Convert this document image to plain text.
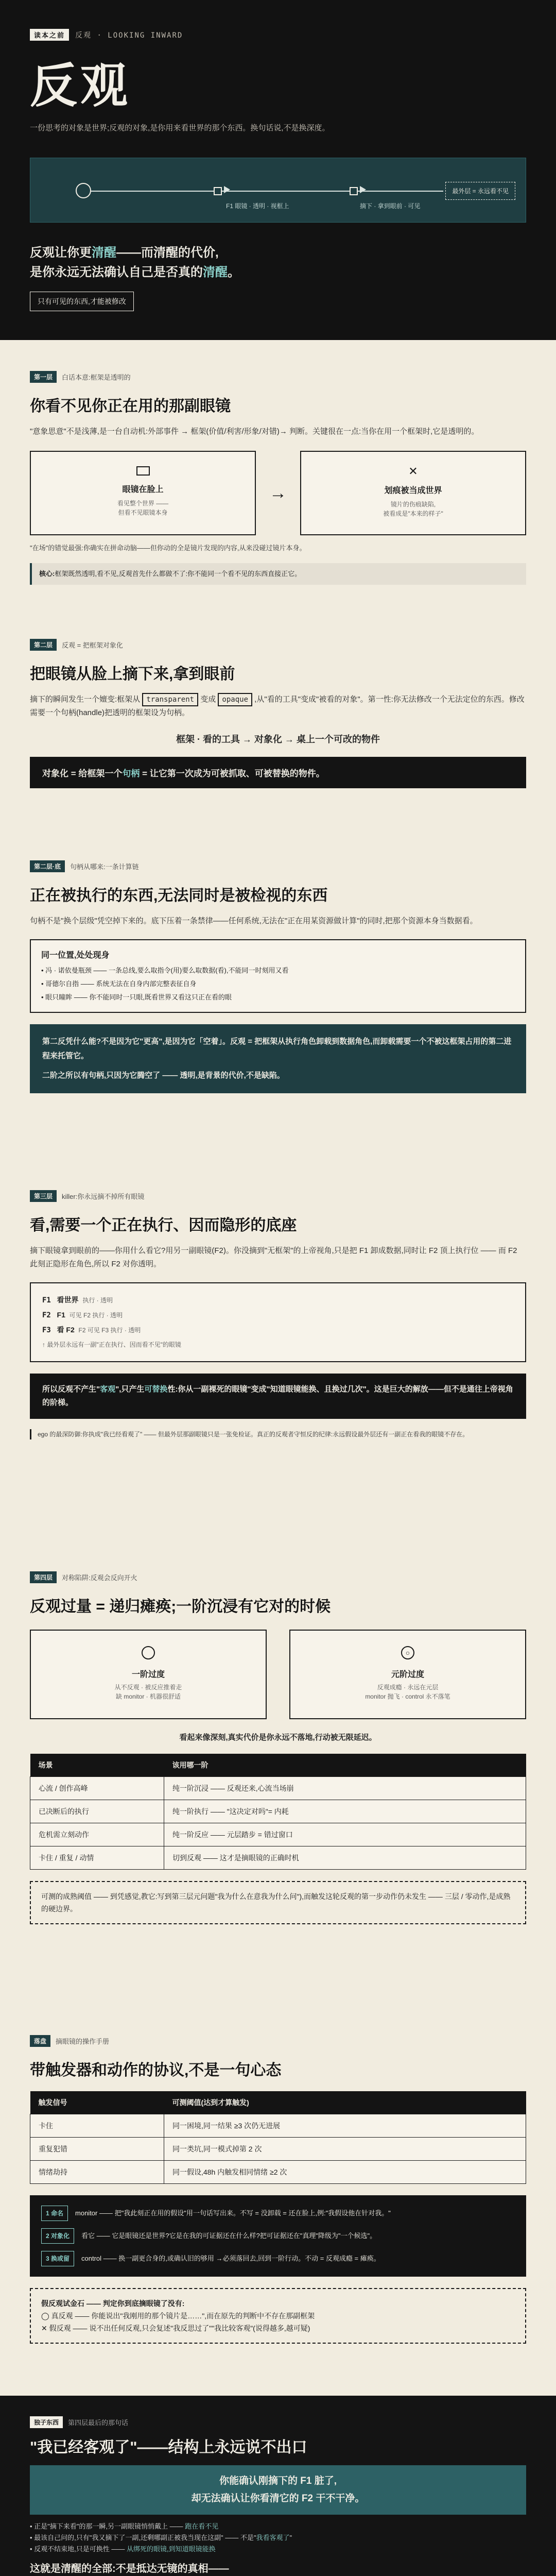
读本之前	反观 · LOOKING INWARD
反观
一份思考的对象是世界;反观的对象,是你用来看世界的那个东西。换句话说,不是换深度。
F1 眼镜 · 透明 · 视框上	摘下 · 拿到眼前 · 可见
最外层 = 永远看不见
反观让你更清醒——而清醒的代价,
是你永远无法确认自己是否真的清醒。
只有可见的东西,才能被修改
第一层	白话本意:框架是透明的
你看不见你正在用的那副眼镜
"意象思意"不是浅薄,是一台自动机:外部事件 → 框架(价值/利害/形象/对错)→ 判断。关键很在一点:当你在用一个框架时,它是透明的。
眼镜在脸上
看见整个世界 ——
但看不见眼镜本身
→
✕
划痕被当成世界
镜片的伤痕缺陷,
被看成是"本来的样子"
"在场"的错觉最强:你确实在拼命动脑——但你动的全是镜片发现的内容,从来没碰过镜片本身。
核心:框架既然透明,看不见,反观首先什么都做不了:你不能同一个看不见的东西直接正它。
第二层	反观 = 把框架对象化
把眼镜从脸上摘下来,拿到眼前
摘下的瞬间发生一个嬗变:框架从 transparent 变成 opaque ,从"看的工具"变成"被看的对象"。第一性:你无法修改一个无法定位的东西。修改需要一个句柄(handle)把透明的框架设为句柄。
框架 · 看的工具 → 对象化 → 桌上一个可改的物件
对象化 = 给框架一个句柄 = 让它第一次成为可被抓取、可被替换的物件。
第二层·底	句柄从哪来:一条计算链
正在被执行的东西,无法同时是被检视的东西
句柄不是"换个层级"凭空掉下来的。底下压着一条禁律——任何系统,无法在"正在用某资源做计算"的同时,把那个资源本身当数据看。
同一位置,处处现身
• 冯 · 诺依曼瓶颈 —— 一条总线,要么取指令(用)要么取数据(看),不能同一时刻用又看
• 哥德尔自指 —— 系统无法在自身内部完整表征自身
• 眼只瞳眸 —— 你不能同时一只眼,既看世界又看这只正在看的眼
第二反凭什么能?不是因为它"更高",是因为它「空着」。反观 = 把框架从执行角色卸载到数据角色,而卸载需要一个不被这框架占用的第二进程来托管它。
二阶之所以有句柄,只因为它腾空了 —— 透明,是背景的代价,不是缺陷。
第三层	killer:你永远摘不掉所有眼镜
看,需要一个正在执行、因而隐形的底座
摘下眼镜拿到眼前的——你用什么看它?用另一副眼镜(F2)。你没摘到"无框架"的上帝视角,只是把 F1 卸成数据,同时让 F2 顶上执行位 —— 而 F2 此刻正隐形在角色,所以 F2 对你透明。
F1 看世界 执行 · 透明
F2 F1 可见 F2 执行 · 透明
F3 看 F2 F2 可见 F3 执行 · 透明
↑ 最外层永远有一副"正在执行、因而看不见"的眼镜
所以反观不产生"客观",只产生可替换性:你从一副裸死的眼镜"变成"知道眼镜能换、且换过几次"。这是巨大的解放——但不是通往上帝视角的阶梯。
ego 的最深防御:你执成"我已经看观了" —— 但最外层那副眼镜只是一张免检证。真正的反观者守恒反的纪律:永远假设最外层还有一副正在看我的眼镜不存在。
第四层	对称陷阱:反观会反向开火
反观过量 = 递归瘫痪;一阶沉浸有它对的时候
一阶过度
从不反观 · 被反应推着走
缺 monitor · 机器很舒适
○
元阶过度
反观成瘾 · 永远在元层
monitor 抛飞 · control 永不落笔
看起来像深刻,真实代价是你永远不落地,行动被无限延迟。
场景	该用哪一阶
心流 / 创作高峰	纯一阶沉浸 —— 反观还来,心流当场崩
已决断后的执行	纯一阶执行 —— "这决定对吗"= 内耗
危机需立刻动作	纯一阶反应 —— 元层踏步 = 错过窗口
卡住 / 重复 / 动情	切到反观 —— 这才是摘眼镜的正确时机
可测的成熟阈值 —— 到凭感觉,教它:写到第三层元问题"我为什么在意我为什么问"),而触发这轮反观的第一步动作仍未发生 —— 三层 / 零动作,是成熟的硬边界。
落盘	摘眼镜的操作手册
带触发器和动作的协议,不是一句心态
触发信号	可测阈值(达到才算触发)
卡住	同一困境,同一结果 ≥3 次仍无进展
重复犯错	同一类坑,同一模式掉第 2 次
情绪劫持	同一假设,48h 内触发相同情绪 ≥2 次
1 命名	monitor —— 把"我此刻正在用的假设"用一句话写出来。不写 = 没卸载 = 还在脸上,例:"我假设他在针对我。"
2 对象化	看它 —— 它是眼镜还是世界?它是在我的可证据还在什么样?把可证据还在"真理"降级为"一个候选"。
3 换或留	control —— 换一副更合身的,或确认旧的够用 →必须落回去,回到一阶行动。不动 = 反观成瘾 = 瘫痪。
假反观试金石 —— 判定你到底摘眼镜了没有:
◯ 真反观 —— 你能说出"我刚用的那个镜片是……",而在原先的判断中不存在那副框架
✕ 假反观 —— 说不出任何反观,只会复述"我反思过了""我比较客观"(说得越多,越可疑)
独子东西	第四层最后的那句话
"我已经客观了"——结构上永远说不出口
你能确认刚摘下的 F1 脏了,
却无法确认让你看清它的 F2 干不干净。
• 正是"摘下来看"的那一瞬,另一副眼镜悄悄戴上 —— 跑在看不见
• 最该自己问的,只有"我又摘下了一副,还剩哪副正被我当现在这副" —— 不是"我看客观了"
• 反观不结束地,只是可换性 —— 从绑死的眼镜,到知道眼镜能换
这就是清醒的全部:不是抵达无镜的真相——
